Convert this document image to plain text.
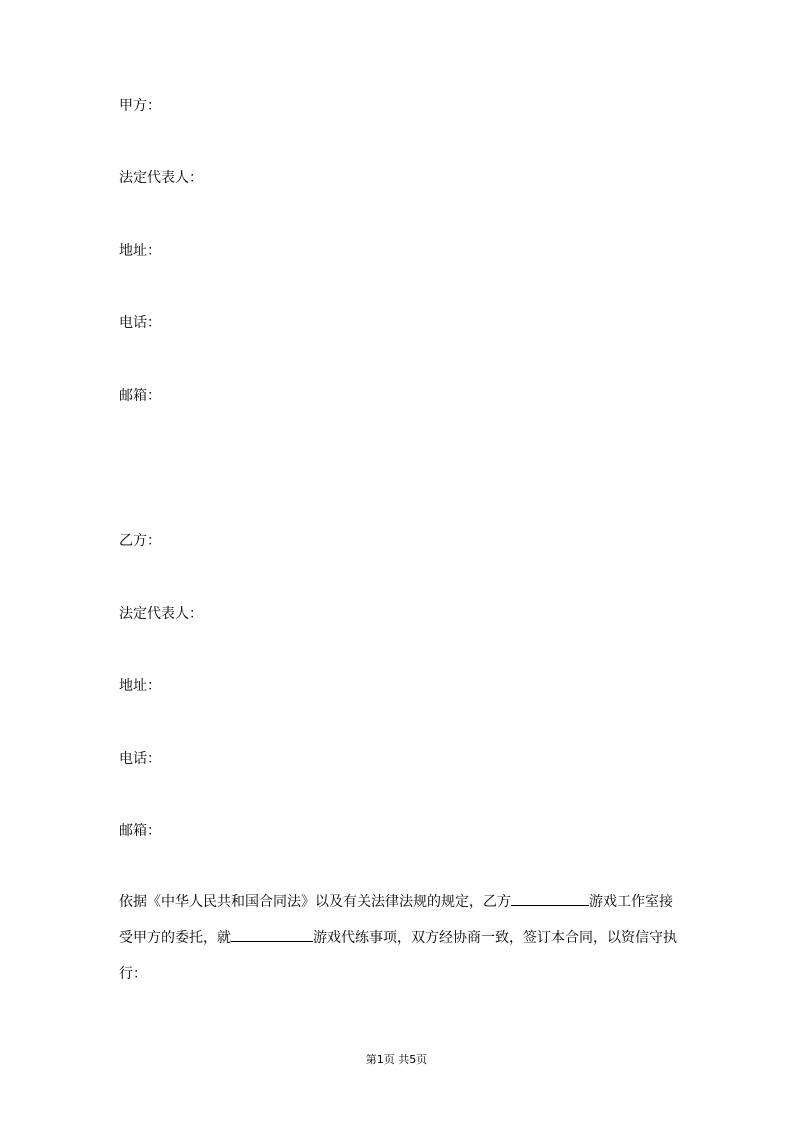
甲方：
法定代表人：
地址：
电话：
邮箱：
乙方：
法定代表人：
地址：
电话：
邮箱：
依据《中华人民共和国合同法》以及有关法律法规的规定，乙方	游戏工作室接
受甲方的委托，就	游戏代练事项，双方经协商一致，签订本合同，以资信守执
行：
第1页 共5页
